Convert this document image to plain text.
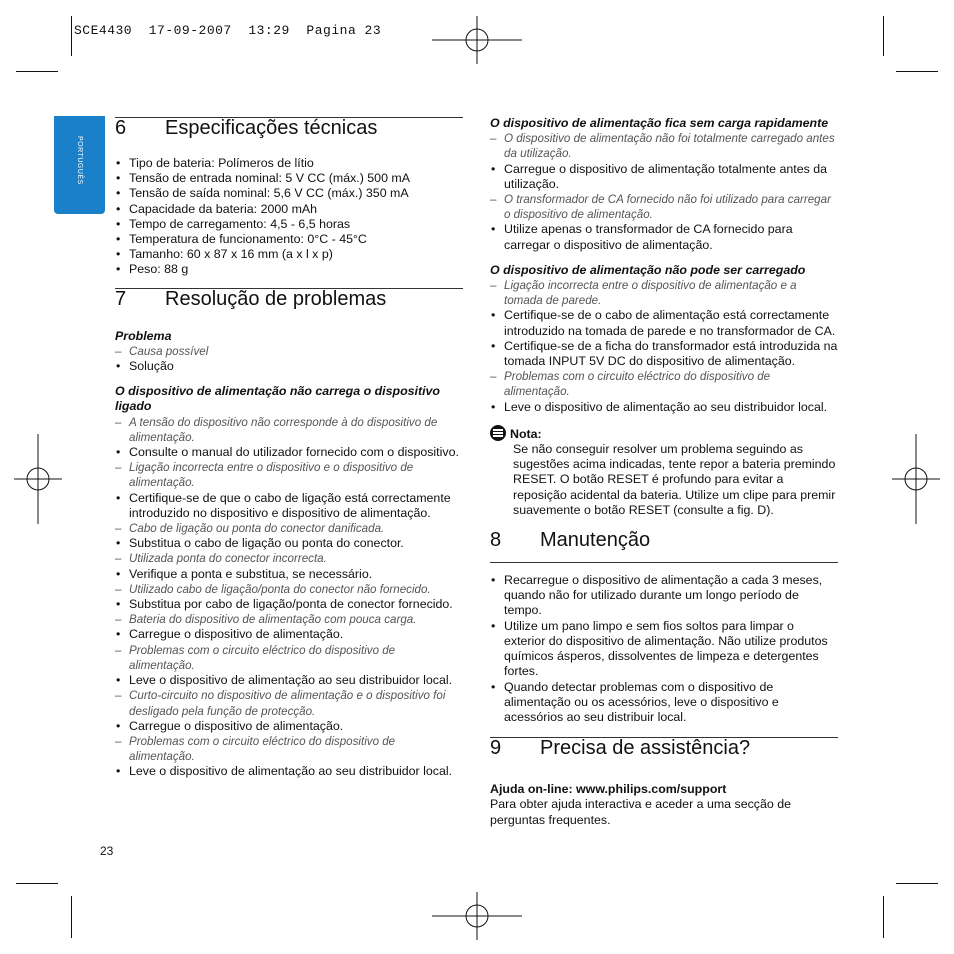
SCE4430  17-09-2007  13:29  Pagina 23
PORTUGUÊS
6 Especificações técnicas
• Tipo de bateria: Polímeros de lítio
• Tensão de entrada nominal: 5 V CC (máx.) 500 mA
• Tensão de saída nominal: 5,6 V CC (máx.) 350 mA
• Capacidade da bateria: 2000 mAh
• Tempo de carregamento: 4,5 - 6,5 horas
• Temperatura de funcionamento: 0°C - 45°C
• Tamanho: 60 x 87 x 16 mm (a x l x p)
• Peso: 88 g
7 Resolução de problemas
Problema
– Causa possível
• Solução
O dispositivo de alimentação não carrega o dispositivo ligado
– A tensão do dispositivo não corresponde à do dispositivo de alimentação.
• Consulte o manual do utilizador fornecido com o dispositivo.
– Ligação incorrecta entre o dispositivo e o dispositivo de alimentação.
• Certifique-se de que o cabo de ligação está correctamente introduzido no dispositivo e dispositivo de alimentação.
– Cabo de ligação ou ponta do conector danificada.
• Substitua o cabo de ligação ou ponta do conector.
– Utilizada ponta do conector incorrecta.
• Verifique a ponta e substitua, se necessário.
– Utilizado cabo de ligação/ponta do conector não fornecido.
• Substitua por cabo de ligação/ponta de conector fornecido.
– Bateria do dispositivo de alimentação com pouca carga.
• Carregue o dispositivo de alimentação.
– Problemas com o circuito eléctrico do dispositivo de alimentação.
• Leve o dispositivo de alimentação ao seu distribuidor local.
– Curto-circuito no dispositivo de alimentação e o dispositivo foi desligado pela função de protecção.
• Carregue o dispositivo de alimentação.
– Problemas com o circuito eléctrico do dispositivo de alimentação.
• Leve o dispositivo de alimentação ao seu distribuidor local.
23
O dispositivo de alimentação fica sem carga rapidamente
– O dispositivo de alimentação não foi totalmente carregado antes da utilização.
• Carregue o dispositivo de alimentação totalmente antes da utilização.
– O transformador de CA fornecido não foi utilizado para carregar o dispositivo de alimentação.
• Utilize apenas o transformador de CA fornecido para carregar o dispositivo de alimentação.
O dispositivo de alimentação não pode ser carregado
– Ligação incorrecta entre o dispositivo de alimentação e a tomada de parede.
• Certifique-se de o cabo de alimentação está correctamente introduzido na tomada de parede e no transformador de CA.
• Certifique-se de a ficha do transformador está introduzida na tomada INPUT 5V DC do dispositivo de alimentação.
– Problemas com o circuito eléctrico do dispositivo de alimentação.
• Leve o dispositivo de alimentação ao seu distribuidor local.
Nota:
Se não conseguir resolver um problema seguindo as sugestões acima indicadas, tente repor a bateria premindo RESET. O botão RESET é profundo para evitar a reposição acidental da bateria. Utilize um clipe para premir suavemente o botão RESET (consulte a fig. D).
8 Manutenção
• Recarregue o dispositivo de alimentação a cada 3 meses, quando não for utilizado durante um longo período de tempo.
• Utilize um pano limpo e sem fios soltos para limpar o exterior do dispositivo de alimentação. Não utilize produtos químicos ásperos, dissolventes de limpeza e detergentes fortes.
• Quando detectar problemas com o dispositivo de alimentação ou os acessórios, leve o dispositivo e acessórios ao seu distribuir local.
9 Precisa de assistência?
Ajuda on-line: www.philips.com/support
Para obter ajuda interactiva e aceder a uma secção de perguntas frequentes.
